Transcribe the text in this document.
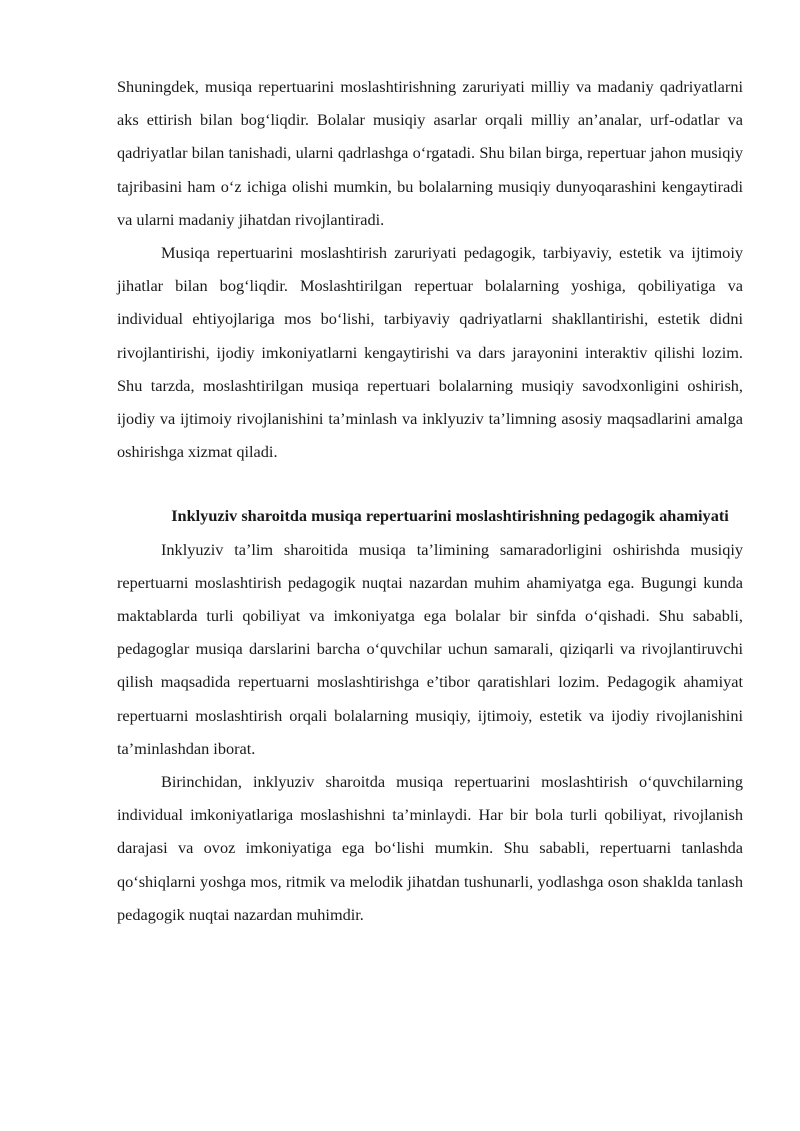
Shuningdek, musiqa repertuarini moslashtirishning zaruriyati milliy va madaniy qadriyatlarni aks ettirish bilan bog‘liqdir. Bolalar musiqiy asarlar orqali milliy an’analar, urf-odatlar va qadriyatlar bilan tanishadi, ularni qadrlashga o‘rgatadi. Shu bilan birga, repertuar jahon musiqiy tajribasini ham o‘z ichiga olishi mumkin, bu bolalarning musiqiy dunyoqarashini kengaytiradi va ularni madaniy jihatdan rivojlantiradi.

Musiqa repertuarini moslashtirish zaruriyati pedagogik, tarbiyaviy, estetik va ijtimoiy jihatlar bilan bog‘liqdir. Moslashtirilgan repertuar bolalarning yoshiga, qobiliyatiga va individual ehtiyojlariga mos bo‘lishi, tarbiyaviy qadriyatlarni shakllantirishi, estetik didni rivojlantirishi, ijodiy imkoniyatlarni kengaytirishi va dars jarayonini interaktiv qilishi lozim. Shu tarzda, moslashtirilgan musiqa repertuari bolalarning musiqiy savodxonligini oshirish, ijodiy va ijtimoiy rivojlanishini ta’minlash va inklyuziv ta’limning asosiy maqsadlarini amalga oshirishga xizmat qiladi.

Inklyuziv sharoitda musiqa repertuarini moslashtirishning pedagogik ahamiyati

Inklyuziv ta’lim sharoitida musiqa ta’limining samaradorligini oshirishda musiqiy repertuarni moslashtirish pedagogik nuqtai nazardan muhim ahamiyatga ega. Bugungi kunda maktablarda turli qobiliyat va imkoniyatga ega bolalar bir sinfda o‘qishadi. Shu sababli, pedagoglar musiqa darslarini barcha o‘quvchilar uchun samarali, qiziqarli va rivojlantiruvchi qilish maqsadida repertuarni moslashtirishga e’tibor qaratishlari lozim. Pedagogik ahamiyat repertuarni moslashtirish orqali bolalarning musiqiy, ijtimoiy, estetik va ijodiy rivojlanishini ta’minlashdan iborat.

Birinchidan, inklyuziv sharoitda musiqa repertuarini moslashtirish o‘quvchilarning individual imkoniyatlariga moslashishni ta’minlaydi. Har bir bola turli qobiliyat, rivojlanish darajasi va ovoz imkoniyatiga ega bo‘lishi mumkin. Shu sababli, repertuarni tanlashda qo‘shiqlarni yoshga mos, ritmik va melodik jihatdan tushunarli, yodlashga oson shaklda tanlash pedagogik nuqtai nazardan muhimdir.
